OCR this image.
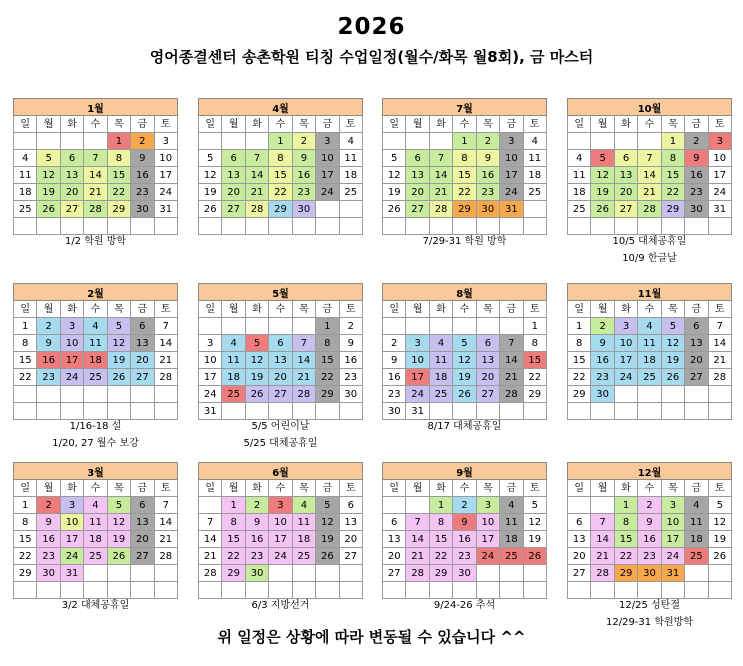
2026
영어종결센터 송촌학원 티칭 수업일정(월수/화목 월8회), 금 마스터
1월						
일	월	화	수	목	금	토
				1	2	3
4	5	6	7	8	9	10
11	12	13	14	15	16	17
18	19	20	21	22	23	24
25	26	27	28	29	30	31

1/2 학원 방학
4월						
일	월	화	수	목	금	토
			1	2	3	4
5	6	7	8	9	10	11
12	13	14	15	16	17	18
19	20	21	22	23	24	25
26	27	28	29	30		

7월						
일	월	화	수	목	금	토
			1	2	3	4
5	6	7	8	9	10	11
12	13	14	15	16	17	18
19	20	21	22	23	24	25
26	27	28	29	30	31	

7/29-31 학원 방학
10월						
일	월	화	수	목	금	토
				1	2	3
4	5	6	7	8	9	10
11	12	13	14	15	16	17
18	19	20	21	22	23	24
25	26	27	28	29	30	31

10/5 대체공휴일
10/9 한글날
2월						
일	월	화	수	목	금	토
1	2	3	4	5	6	7
8	9	10	11	12	13	14
15	16	17	18	19	20	21
22	23	24	25	26	27	28

1/16-18 설
1/20, 27 월수 보강
5월						
일	월	화	수	목	금	토
					1	2
3	4	5	6	7	8	9
10	11	12	13	14	15	16
17	18	19	20	21	22	23
24	25	26	27	28	29	30
31						
5/5 어린이날
5/25 대체공휴일
8월						
일	월	화	수	목	금	토
						1
2	3	4	5	6	7	8
9	10	11	12	13	14	15
16	17	18	19	20	21	22
23	24	25	26	27	28	29
30	31					
8/17 대체공휴일
11월						
일	월	화	수	목	금	토
1	2	3	4	5	6	7
8	9	10	11	12	13	14
15	16	17	18	19	20	21
22	23	24	25	26	27	28
29	30					

3월						
일	월	화	수	목	금	토
1	2	3	4	5	6	7
8	9	10	11	12	13	14
15	16	17	18	19	20	21
22	23	24	25	26	27	28
29	30	31				

3/2 대체공휴일
6월						
일	월	화	수	목	금	토
	1	2	3	4	5	6
7	8	9	10	11	12	13
14	15	16	17	18	19	20
21	22	23	24	25	26	27
28	29	30				

6/3 지방선거
9월						
일	월	화	수	목	금	토
		1	2	3	4	5
6	7	8	9	10	11	12
13	14	15	16	17	18	19
20	21	22	23	24	25	26
27	28	29	30			

9/24-26 추석
12월						
일	월	화	수	목	금	토
		1	2	3	4	5
6	7	8	9	10	11	12
13	14	15	16	17	18	19
20	21	22	23	24	25	26
27	28	29	30	31		

12/25 성탄절
12/29-31 학원방학
위 일정은 상황에 따라 변동될 수 있습니다 ^^
